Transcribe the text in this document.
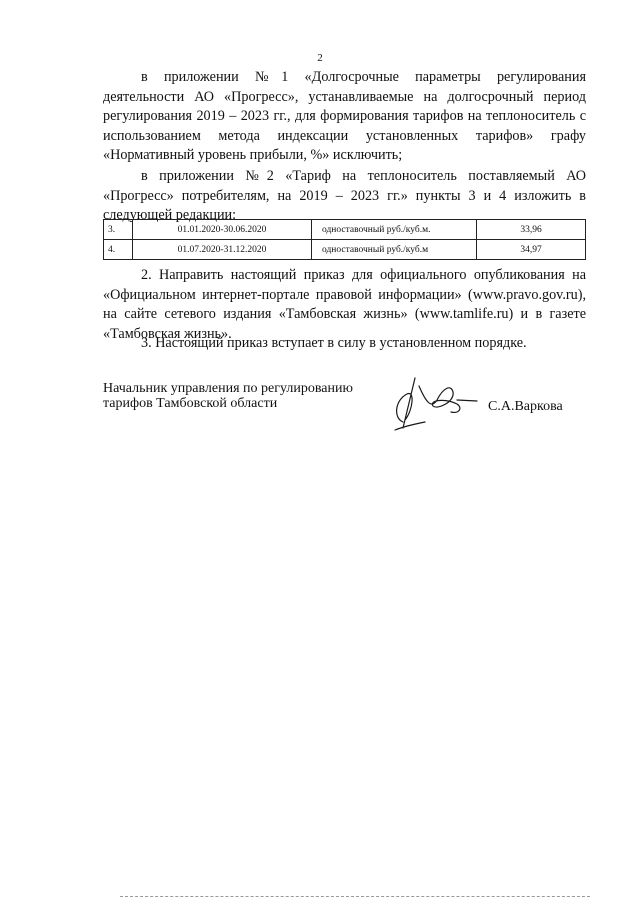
2

в приложении №1 «Долгосрочные параметры регулирования деятельности АО «Прогресс», устанавливаемые на долгосрочный период регулирования 2019 – 2023 гг., для формирования тарифов на теплоноситель с использованием метода индексации установленных тарифов» графу «Нормативный уровень прибыли, %» исключить;

в приложении №2 «Тариф на теплоноситель поставляемый АО «Прогресс» потребителям, на 2019 – 2023 гг.» пункты 3 и 4 изложить в следующей редакции:

3.	01.01.2020-30.06.2020	одноставочный руб./куб.м.	33,96
4.	01.07.2020-31.12.2020	одноставочный руб./куб.м	34,97

2. Направить настоящий приказ для официального опубликования на «Официальном интернет-портале правовой информации» (www.pravo.gov.ru), на сайте сетевого издания «Тамбовская жизнь» (www.tamlife.ru) и в газете «Тамбовская жизнь».

3. Настоящий приказ вступает в силу в установленном порядке.

Начальник управления по регулированию
тарифов Тамбовской области	С.А.Варкова
